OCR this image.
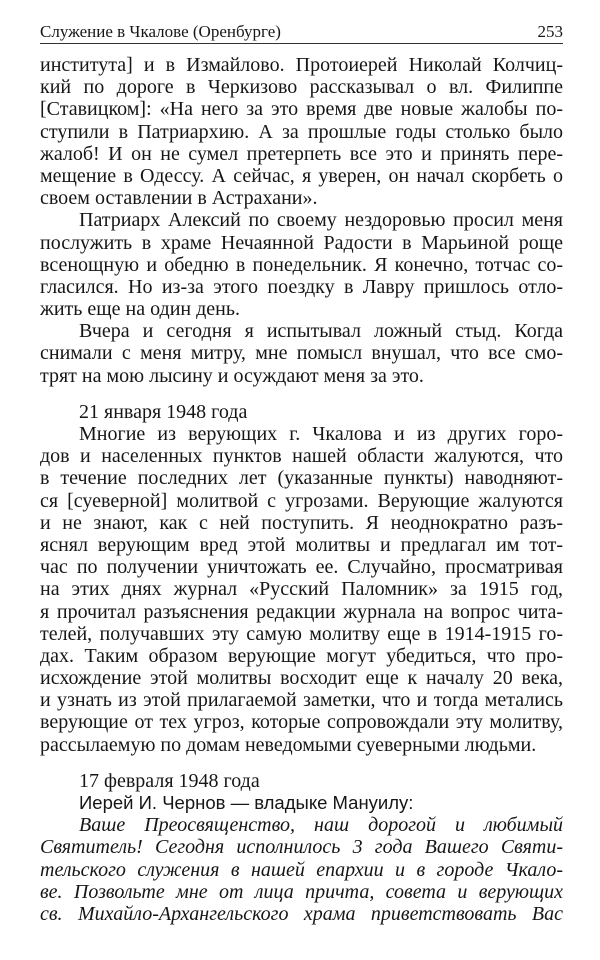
Служение в Чкалове (Оренбурге)	253
института] и в Измайлово. Протоиерей Николай Колчиц-
кий по дороге в Черкизово рассказывал о вл. Филиппе
[Ставицком]: «На него за это время две новые жалобы по-
ступили в Патриархию. А за прошлые годы столько было
жалоб! И он не сумел претерпеть все это и принять пере-
мещение в Одессу. А сейчас, я уверен, он начал скорбеть о
своем оставлении в Астрахани».
Патриарх Алексий по своему нездоровью просил меня
послужить в храме Нечаянной Радости в Марьиной роще
всенощную и обедню в понедельник. Я конечно, тотчас со-
гласился. Но из-за этого поездку в Лавру пришлось отло-
жить еще на один день.
Вчера и сегодня я испытывал ложный стыд. Когда
снимали с меня митру, мне помысл внушал, что все смо-
трят на мою лысину и осуждают меня за это.
21 января 1948 года
Многие из верующих г. Чкалова и из других горо-
дов и населенных пунктов нашей области жалуются, что
в течение последних лет (указанные пункты) наводняют-
ся [суеверной] молитвой с угрозами. Верующие жалуются
и не знают, как с ней поступить. Я неоднократно разъ-
яснял верующим вред этой молитвы и предлагал им тот-
час по получении уничтожать ее. Случайно, просматривая
на этих днях журнал «Русский Паломник» за 1915 год,
я прочитал разъяснения редакции журнала на вопрос чита-
телей, получавших эту самую молитву еще в 1914-1915 го-
дах. Таким образом верующие могут убедиться, что про-
исхождение этой молитвы восходит еще к началу 20 века,
и узнать из этой прилагаемой заметки, что и тогда метались
верующие от тех угроз, которые сопровождали эту молитву,
рассылаемую по домам неведомыми суеверными людьми.
17 февраля 1948 года
Иерей И. Чернов — владыке Мануилу:
Ваше Преосвященство, наш дорогой и любимый
Святитель! Сегодня исполнилось 3 года Вашего Святи-
тельского служения в нашей епархии и в городе Чкало-
ве. Позвольте мне от лица причта, совета и верующих
св. Михайло-Архангельского храма приветствовать Вас
